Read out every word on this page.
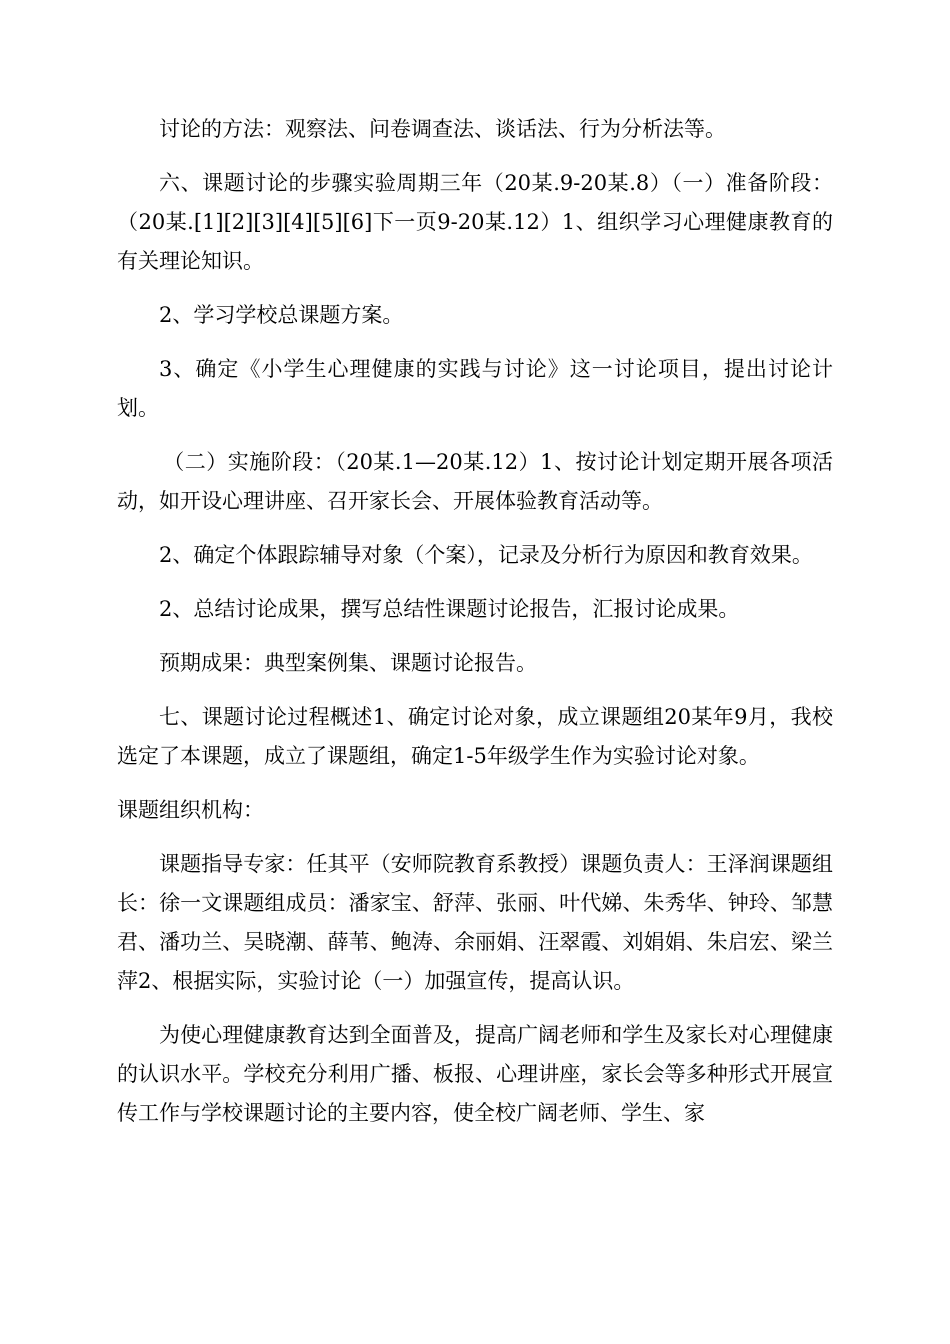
讨论的方法：观察法、问卷调查法、谈话法、行为分析法等。

六、课题讨论的步骤实验周期三年（20某.9-20某.8）（一）准备阶段：（20某.[1][2][3][4][5][6]下一页9-20某.12）1、组织学习心理健康教育的有关理论知识。

2、学习学校总课题方案。

3、确定《小学生心理健康的实践与讨论》这一讨论项目，提出讨论计划。

（二）实施阶段：（20某.1—20某.12）1、按讨论计划定期开展各项活动，如开设心理讲座、召开家长会、开展体验教育活动等。

2、确定个体跟踪辅导对象（个案），记录及分析行为原因和教育效果。

2、总结讨论成果，撰写总结性课题讨论报告，汇报讨论成果。

预期成果：典型案例集、课题讨论报告。

七、课题讨论过程概述1、确定讨论对象，成立课题组20某年9月，我校选定了本课题，成立了课题组，确定1-5年级学生作为实验讨论对象。

课题组织机构：

课题指导专家：任其平（安师院教育系教授）课题负责人：王泽润课题组长：徐一文课题组成员：潘家宝、舒萍、张丽、叶代娣、朱秀华、钟玲、邹慧君、潘功兰、吴晓潮、薛苇、鲍涛、余丽娟、汪翠霞、刘娟娟、朱启宏、梁兰萍2、根据实际，实验讨论（一）加强宣传，提高认识。

为使心理健康教育达到全面普及，提高广阔老师和学生及家长对心理健康的认识水平。学校充分利用广播、板报、心理讲座，家长会等多种形式开展宣传工作与学校课题讨论的主要内容，使全校广阔老师、学生、家
